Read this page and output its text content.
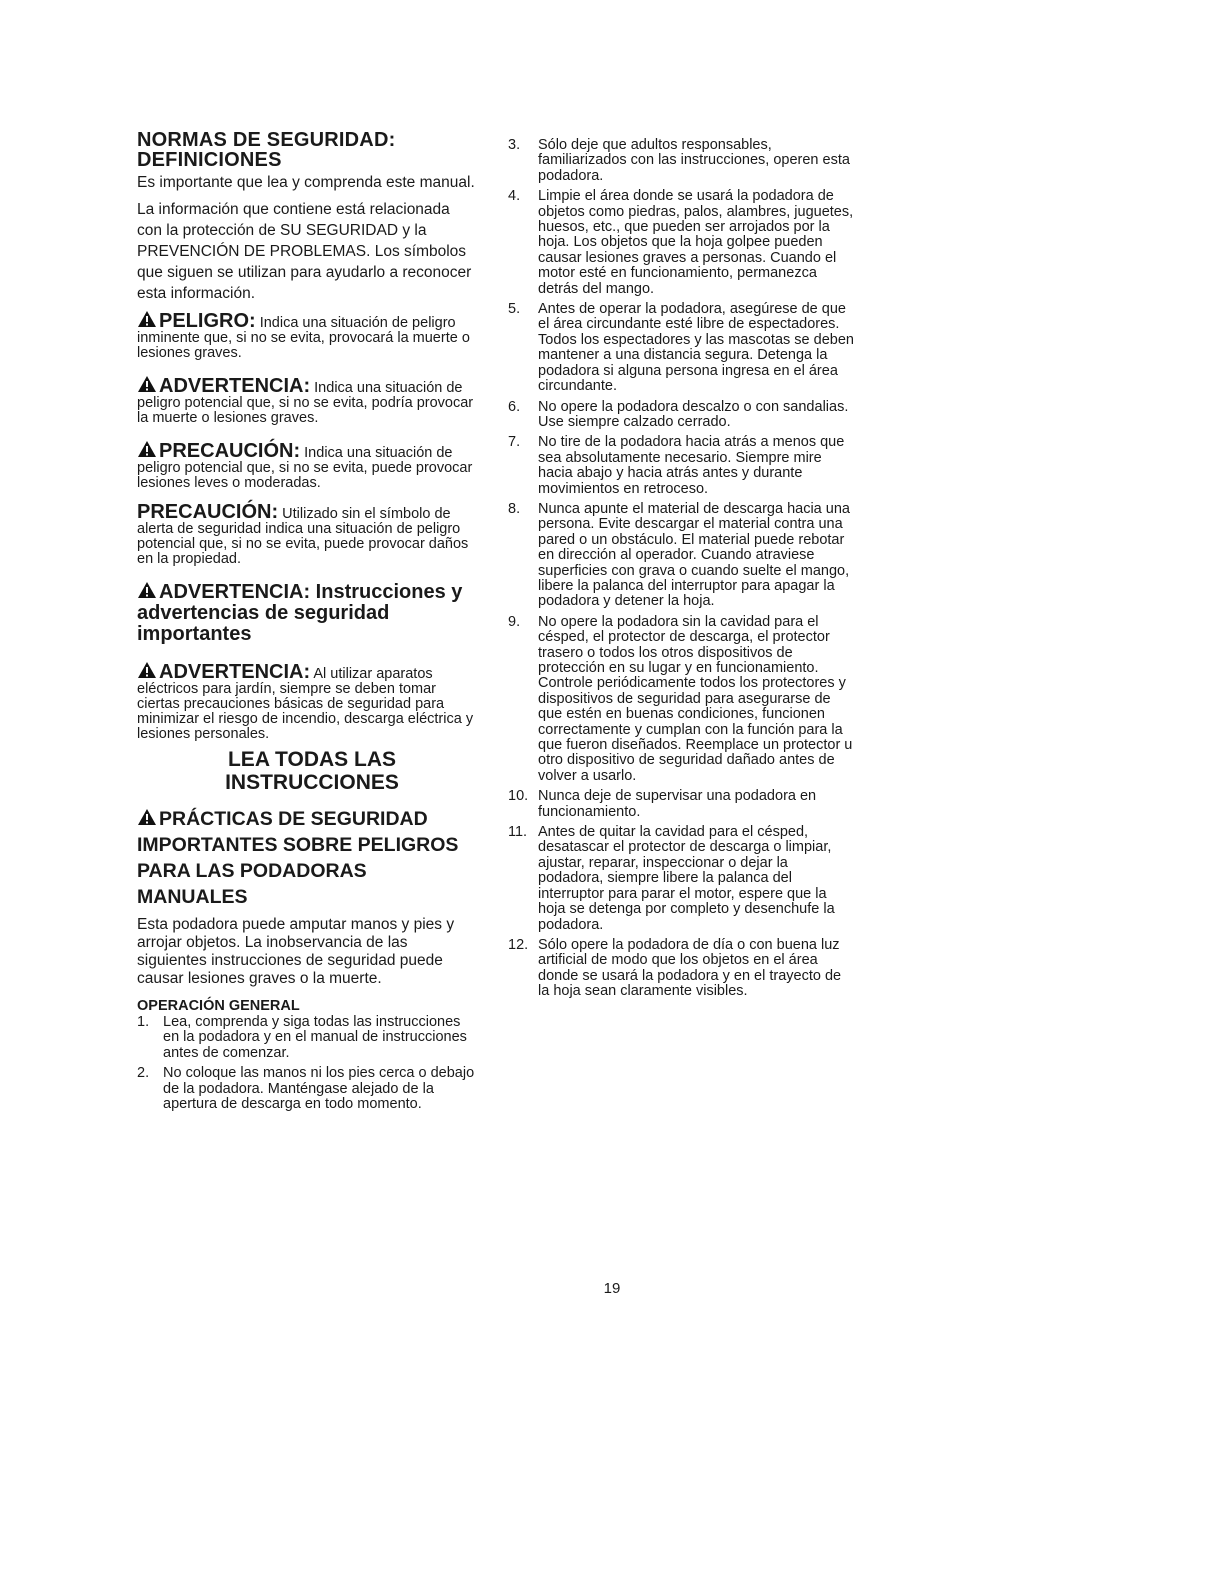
NORMAS DE SEGURIDAD: DEFINICIONES

Es importante que lea y comprenda este manual.

La información que contiene está relacionada con la protección de SU SEGURIDAD y la PREVENCIÓN DE PROBLEMAS. Los símbolos que siguen se utilizan para ayudarlo a reconocer esta información.

PELIGRO: Indica una situación de peligro inminente que, si no se evita, provocará la muerte o lesiones graves.
ADVERTENCIA: Indica una situación de peligro potencial que, si no se evita, podría provocar la muerte o lesiones graves.
PRECAUCIÓN: Indica una situación de peligro potencial que, si no se evita, puede provocar lesiones leves o moderadas.
PRECAUCIÓN: Utilizado sin el símbolo de alerta de seguridad indica una situación de peligro potencial que, si no se evita, puede provocar daños en la propiedad.
ADVERTENCIA: Instrucciones y advertencias de seguridad importantes
ADVERTENCIA: Al utilizar aparatos eléctricos para jardín, siempre se deben tomar ciertas precauciones básicas de seguridad para minimizar el riesgo de incendio, descarga eléctrica y lesiones personales.
LEA TODAS LAS
INSTRUCCIONES
PRÁCTICAS DE SEGURIDAD IMPORTANTES SOBRE PELIGROS PARA LAS PODADORAS MANUALES

Esta podadora puede amputar manos y pies y arrojar objetos. La inobservancia de las siguientes instrucciones de seguridad puede causar lesiones graves o la muerte.

OPERACIÓN GENERAL
1. Lea, comprenda y siga todas las instrucciones en la podadora y en el manual de instrucciones antes de comenzar.
2. No coloque las manos ni los pies cerca o debajo de la podadora. Manténgase alejado de la apertura de descarga en todo momento.
3.	Sólo deje que adultos responsables, familiarizados con las instrucciones, operen esta podadora.
4.	Limpie el área donde se usará la podadora de objetos como piedras, palos, alambres, juguetes, huesos, etc., que pueden ser arrojados por la hoja. Los objetos que la hoja golpee pueden causar lesiones graves a personas. Cuando el motor esté en funcionamiento, permanezca detrás del mango.
5.	Antes de operar la podadora, asegúrese de que el área circundante esté libre de espectadores. Todos los espectadores y las mascotas se deben mantener a una distancia segura. Detenga la podadora si alguna persona ingresa en el área circundante.
6.	No opere la podadora descalzo o con sandalias. Use siempre calzado cerrado.
7.	No tire de la podadora hacia atrás a menos que sea absolutamente necesario. Siempre mire hacia abajo y hacia atrás antes y durante movimientos en retroceso.
8.	Nunca apunte el material de descarga hacia una persona. Evite descargar el material contra una pared o un obstáculo. El material puede rebotar en dirección al operador. Cuando atraviese superficies con grava o cuando suelte el mango, libere la palanca del interruptor para apagar la podadora y detener la hoja.
9.	No opere la podadora sin la cavidad para el césped, el protector de descarga, el protector trasero o todos los otros dispositivos de protección en su lugar y en funcionamiento. Controle periódicamente todos los protectores y dispositivos de seguridad para asegurarse de que estén en buenas condiciones, funcionen correctamente y cumplan con la función para la que fueron diseñados. Reemplace un protector u otro dispositivo de seguridad dañado antes de volver a usarlo.
10. Nunca deje de supervisar una podadora en funcionamiento.
11. Antes de quitar la cavidad para el césped, desatascar el protector de descarga o limpiar, ajustar, reparar, inspeccionar o dejar la podadora, siempre libere la palanca del interruptor para parar el motor, espere que la hoja se detenga por completo y desenchufe la podadora.
12. Sólo opere la podadora de día o con buena luz artificial de modo que los objetos en el área donde se usará la podadora y en el trayecto de la hoja sean claramente visibles.
19
